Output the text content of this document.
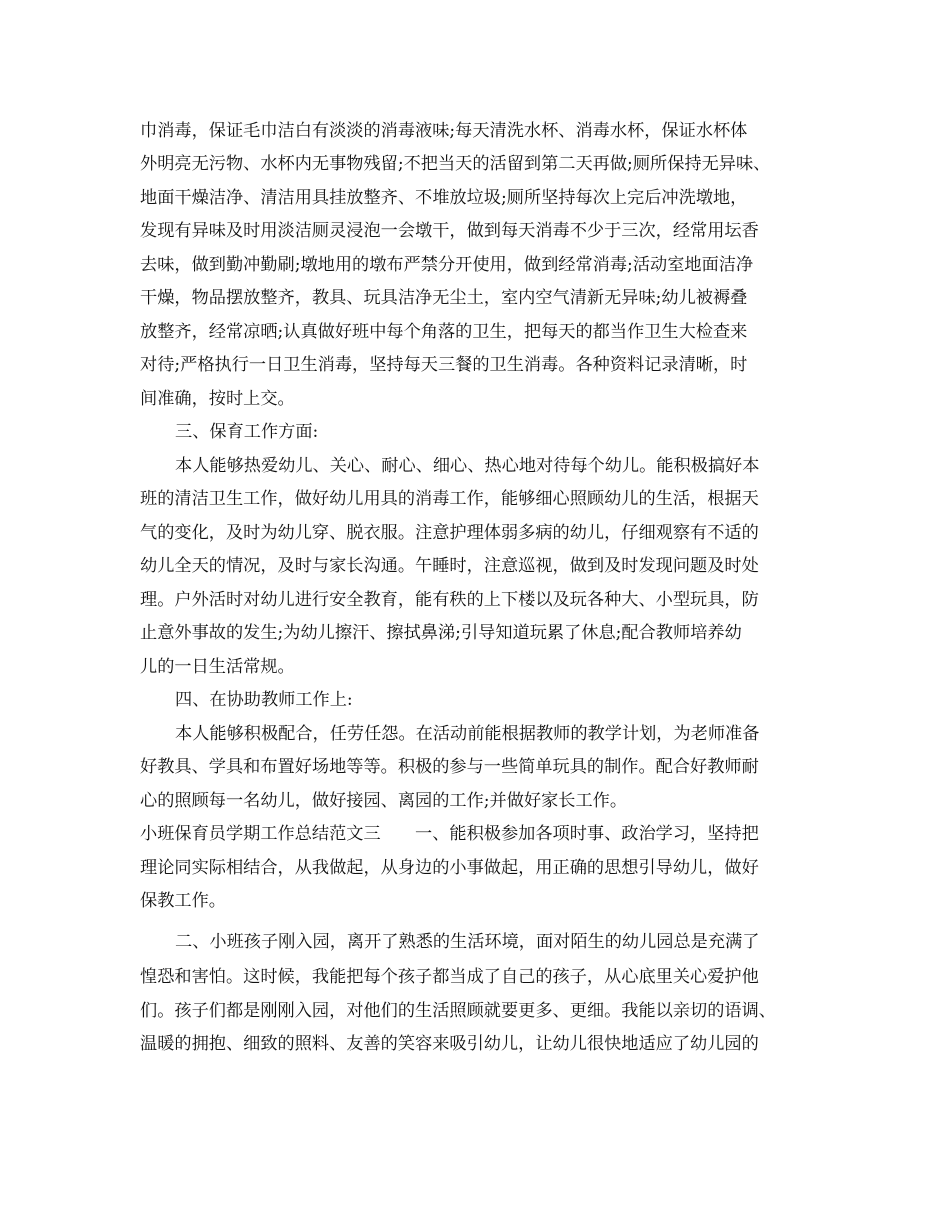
巾消毒，保证毛巾洁白有淡淡的消毒液味;每天清洗水杯、消毒水杯，保证水杯体
外明亮无污物、水杯内无事物残留;不把当天的活留到第二天再做;厕所保持无异味、
地面干燥洁净、清洁用具挂放整齐、不堆放垃圾;厕所坚持每次上完后冲洗墩地，
发现有异味及时用淡洁厕灵浸泡一会墩干，做到每天消毒不少于三次，经常用坛香
去味，做到勤冲勤刷;墩地用的墩布严禁分开使用，做到经常消毒;活动室地面洁净
干燥，物品摆放整齐，教具、玩具洁净无尘土，室内空气清新无异味;幼儿被褥叠
放整齐，经常凉晒;认真做好班中每个角落的卫生，把每天的都当作卫生大检查来
对待;严格执行一日卫生消毒，坚持每天三餐的卫生消毒。各种资料记录清晰，时
间准确，按时上交。
三、保育工作方面:
本人能够热爱幼儿、关心、耐心、细心、热心地对待每个幼儿。能积极搞好本
班的清洁卫生工作，做好幼儿用具的消毒工作，能够细心照顾幼儿的生活，根据天
气的变化，及时为幼儿穿、脱衣服。注意护理体弱多病的幼儿，仔细观察有不适的
幼儿全天的情况，及时与家长沟通。午睡时，注意巡视，做到及时发现问题及时处
理。户外活时对幼儿进行安全教育，能有秩的上下楼以及玩各种大、小型玩具，防
止意外事故的发生;为幼儿擦汗、擦拭鼻涕;引导知道玩累了休息;配合教师培养幼
儿的一日生活常规。
四、在协助教师工作上:
本人能够积极配合，任劳任怨。在活动前能根据教师的教学计划，为老师准备
好教具、学具和布置好场地等等。积极的参与一些简单玩具的制作。配合好教师耐
心的照顾每一名幼儿，做好接园、离园的工作;并做好家长工作。
小班保育员学期工作总结范文三　　一、能积极参加各项时事、政治学习，坚持把
理论同实际相结合，从我做起，从身边的小事做起，用正确的思想引导幼儿，做好
保教工作。
二、小班孩子刚入园，离开了熟悉的生活环境，面对陌生的幼儿园总是充满了
惶恐和害怕。这时候，我能把每个孩子都当成了自己的孩子，从心底里关心爱护他
们。孩子们都是刚刚入园，对他们的生活照顾就要更多、更细。我能以亲切的语调、
温暖的拥抱、细致的照料、友善的笑容来吸引幼儿，让幼儿很快地适应了幼儿园的
